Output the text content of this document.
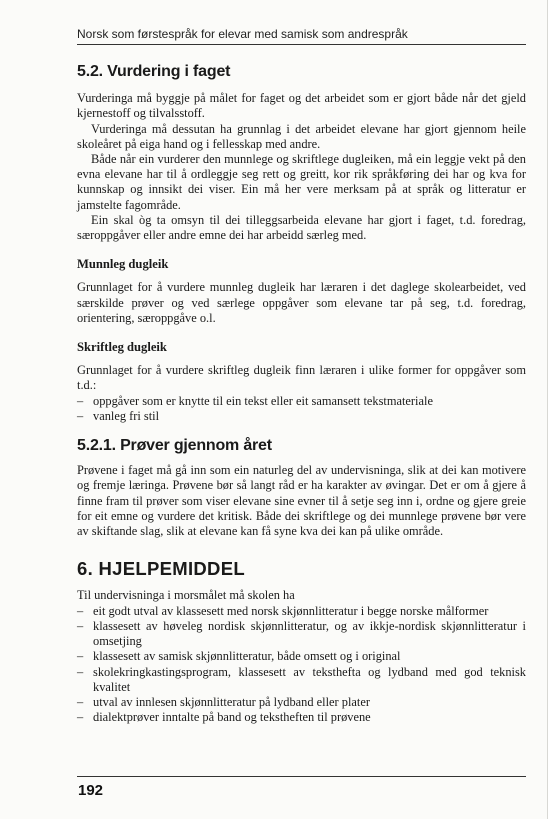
Norsk som førstespråk for elevar med samisk som andrespråk
5.2. Vurdering i faget

Vurderinga må byggje på målet for faget og det arbeidet som er gjort både når det gjeld kjernestoff og tilvalsstoff.

Vurderinga må dessutan ha grunnlag i det arbeidet elevane har gjort gjennom heile skoleåret på eiga hand og i fellesskap med andre.

Både når ein vurderer den munnlege og skriftlege dugleiken, må ein leggje vekt på den evna elevane har til å ordleggje seg rett og greitt, kor rik språkføring dei har og kva for kunnskap og innsikt dei viser. Ein må her vere merksam på at språk og litteratur er jamstelte fagområde.

Ein skal òg ta omsyn til dei tilleggsarbeida elevane har gjort i faget, t.d. foredrag, særoppgåver eller andre emne dei har arbeidd særleg med.

Munnleg dugleik

Grunnlaget for å vurdere munnleg dugleik har læraren i det daglege skolearbeidet, ved særskilde prøver og ved særlege oppgåver som elevane tar på seg, t.d. foredrag, orientering, særoppgåve o.l.

Skriftleg dugleik

Grunnlaget for å vurdere skriftleg dugleik finn læraren i ulike former for oppgåver som t.d.:

– oppgåver som er knytte til ein tekst eller eit samansett tekstmateriale
– vanleg fri stil
5.2.1. Prøver gjennom året

Prøvene i faget må gå inn som ein naturleg del av undervisninga, slik at dei kan motivere og fremje læringa. Prøvene bør så langt råd er ha karakter av øvingar. Det er om å gjere å finne fram til prøver som viser elevane sine evner til å setje seg inn i, ordne og gjere greie for eit emne og vurdere det kritisk. Både dei skriftlege og dei munnlege prøvene bør vere av skiftande slag, slik at elevane kan få syne kva dei kan på ulike område.

6. HJELPEMIDDEL

Til undervisninga i morsmålet må skolen ha

– eit godt utval av klassesett med norsk skjønnlitteratur i begge norske målformer
– klassesett av høveleg nordisk skjønnlitteratur, og av ikkje-nordisk skjønnlitteratur i omsetjing
– klassesett av samisk skjønnlitteratur, både omsett og i original
– skolekringkastingsprogram, klassesett av teksthefta og lydband med god teknisk kvalitet
– utval av innlesen skjønnlitteratur på lydband eller plater
– dialektprøver inntalte på band og tekstheften til prøvene
192
